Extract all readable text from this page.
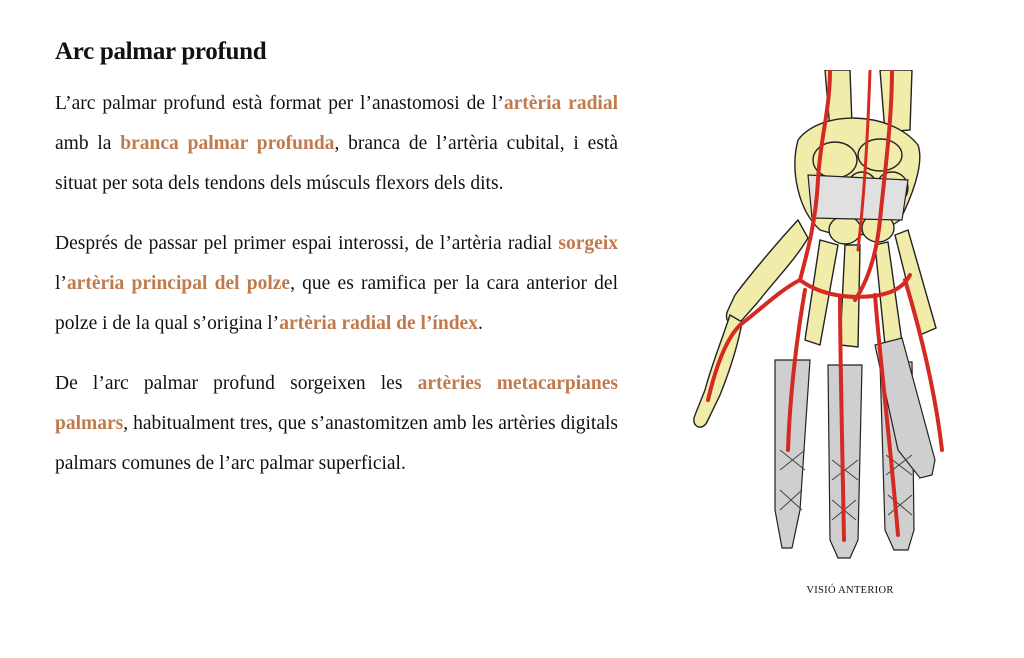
Arc palmar profund

L’arc palmar profund està format per l’anastomosi de l’artèria radial amb la branca palmar profunda, branca de l’artèria cubital, i està situat per sota dels tendons dels músculs flexors dels dits.

Després de passar pel primer espai interossi, de l’artèria radial sorgeix l’artèria principal del polze, que es ramifica per la cara anterior del polze i de la qual s’origina l’artèria radial de l’índex.

De l’arc palmar profund sorgeixen les artèries metacarpianes palmars, habitualment tres, que s’anastomitzen amb les artèries digitals palmars comunes de l’arc palmar superficial.

VISIÓ ANTERIOR
